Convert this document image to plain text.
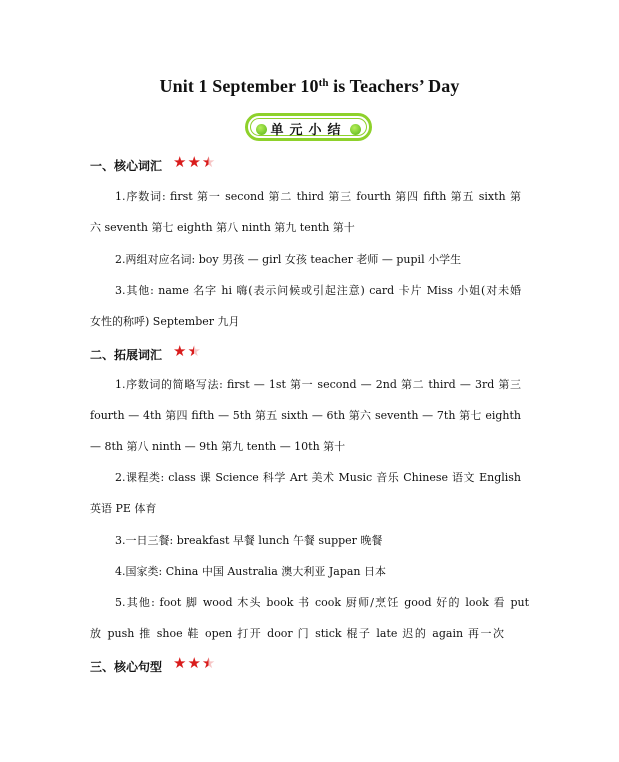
Unit 1 September 10th is Teachers’ Day
单元小结
一、核心词汇 ★ ★ ★
1.序数词: first 第一 second 第二 third 第三 fourth 第四 fifth 第五 sixth 第
六 seventh 第七 eighth 第八 ninth 第九 tenth 第十
2.两组对应名词: boy 男孩 — girl 女孩 teacher 老师 — pupil 小学生
3.其他: name 名字 hi 嗨(表示问候或引起注意) card 卡片 Miss 小姐(对未婚
女性的称呼) September 九月
二、拓展词汇 ★ ★
1.序数词的简略写法: first — 1st 第一 second — 2nd 第二 third — 3rd 第三
fourth — 4th 第四 fifth — 5th 第五 sixth — 6th 第六 seventh — 7th 第七 eighth
— 8th 第八 ninth — 9th 第九 tenth — 10th 第十
2.课程类: class 课 Science 科学 Art 美术 Music 音乐 Chinese 语文 English
英语 PE 体育
3.一日三餐: breakfast 早餐 lunch 午餐 supper 晚餐
4.国家类: China 中国 Australia 澳大利亚 Japan 日本
5.其他: foot 脚 wood 木头 book 书 cook 厨师/烹饪 good 好的 look 看 put
放 push 推 shoe 鞋 open 打开 door 门 stick 棍子 late 迟的 again 再一次
三、核心句型 ★ ★ ★
